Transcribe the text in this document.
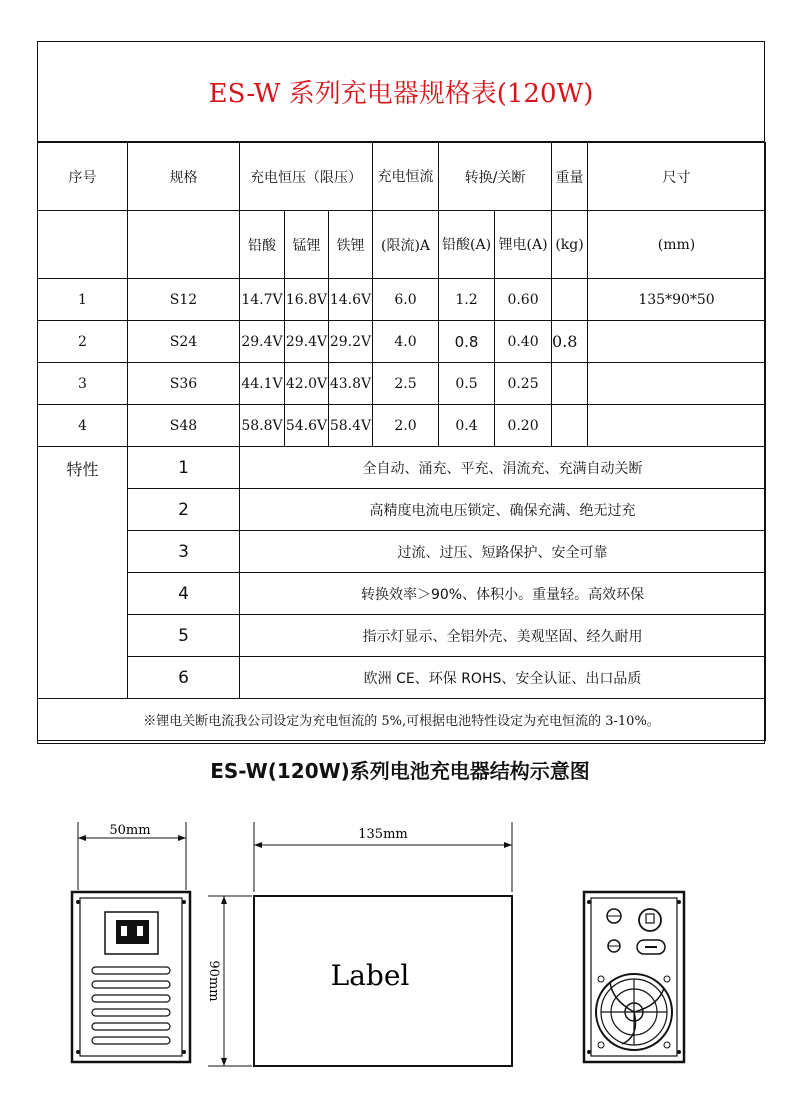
ES-W 系列充电器规格表(120W)
序号	规格	充电恒压（限压）			充电恒流	转换/关断		重量	尺寸
		铅酸	锰锂	铁锂	(限流)A	铅酸(A)	锂电(A)	(kg)	(mm)
1	S12	14.7V	16.8V	14.6V	6.0	1.2	0.60		135*90*50
2	S24	29.4V	29.4V	29.2V	4.0	0.8	0.40	0.8	
3	S36	44.1V	42.0V	43.8V	2.5	0.5	0.25		
4	S48	58.8V	54.6V	58.4V	2.0	0.4	0.20		
特性	1	全自动、涌充、平充、涓流充、充满自动关断							
	2	高精度电流电压锁定、确保充满、绝无过充							
	3	过流、过压、短路保护、安全可靠							
	4	转换效率＞90%、体积小。重量轻。高效环保							
	5	指示灯显示、全铝外壳、美观坚固、经久耐用							
	6	欧洲 CE、环保 ROHS、安全认证、出口品质							
※锂电关断电流我公司设定为充电恒流的 5%,可根据电池特性设定为充电恒流的 3-10%。									
ES-W(120W)系列电池充电器结构示意图
50mm	135mm
90mm	Label
